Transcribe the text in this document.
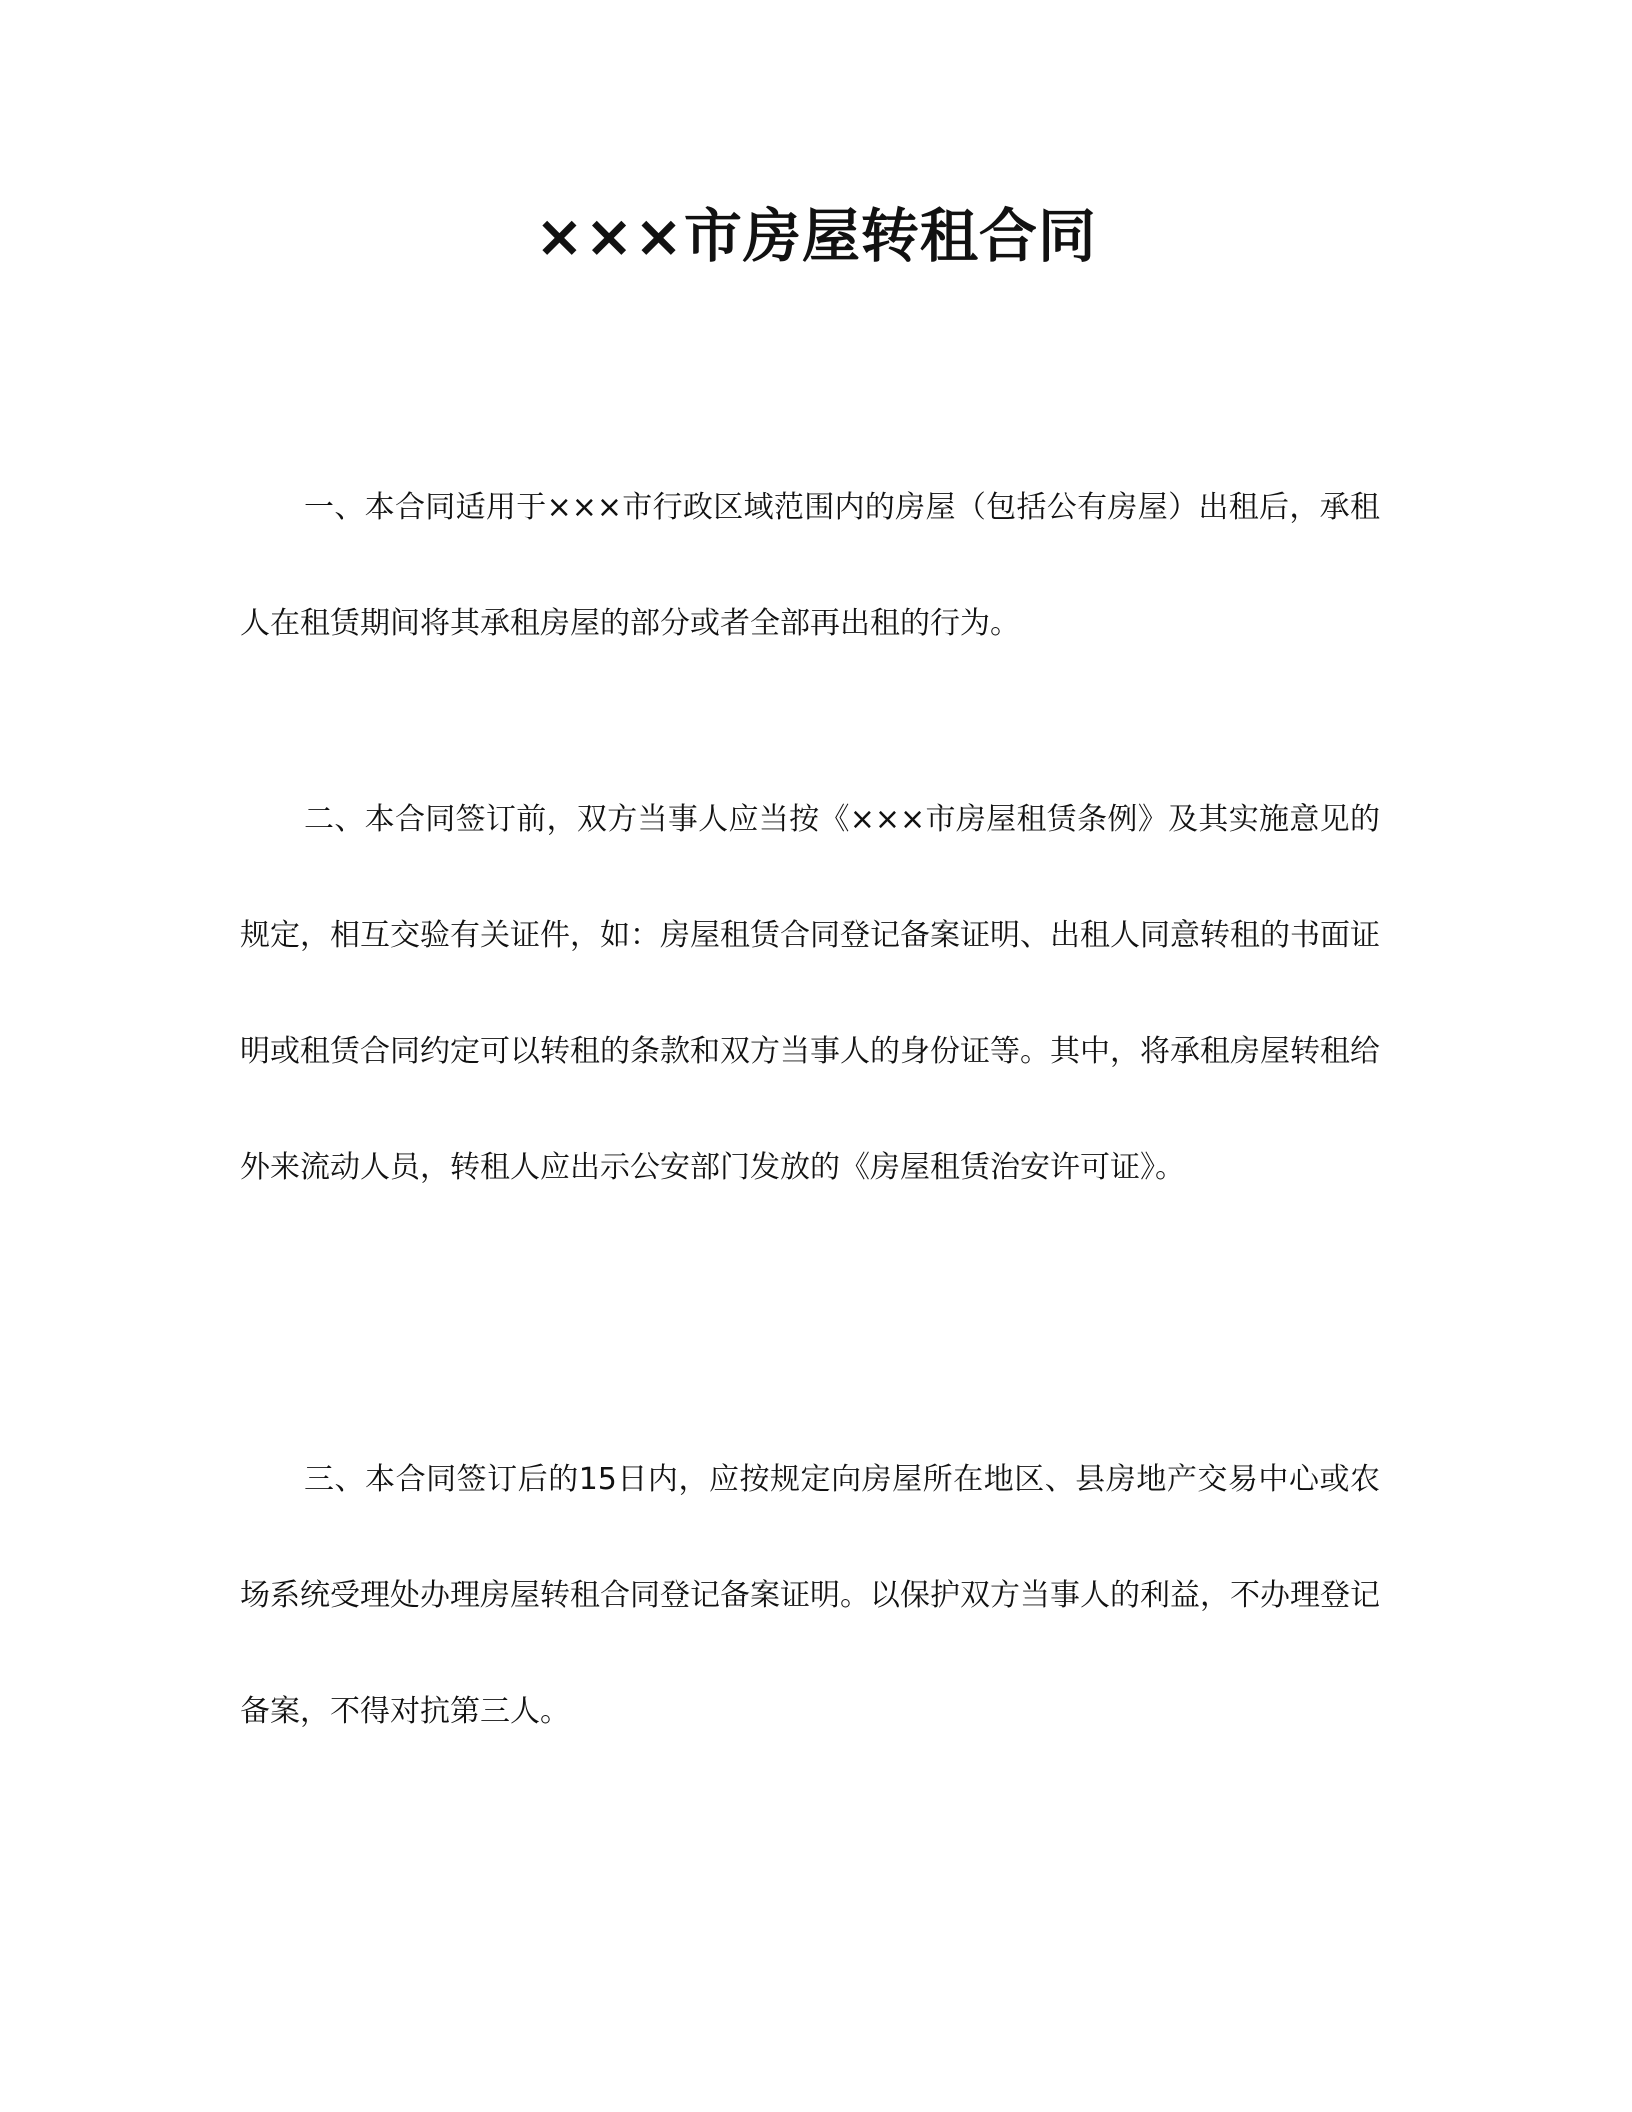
×××市房屋转租合同

一、本合同适用于×××市行政区域范围内的房屋（包括公有房屋）出租后，承租人在租赁期间将其承租房屋的部分或者全部再出租的行为。

二、本合同签订前，双方当事人应当按《×××市房屋租赁条例》及其实施意见的规定，相互交验有关证件，如：房屋租赁合同登记备案证明、出租人同意转租的书面证明或租赁合同约定可以转租的条款和双方当事人的身份证等。其中，将承租房屋转租给外来流动人员，转租人应出示公安部门发放的《房屋租赁治安许可证》。

三、本合同签订后的15日内，应按规定向房屋所在地区、县房地产交易中心或农场系统受理处办理房屋转租合同登记备案证明。以保护双方当事人的利益，不办理登记备案，不得对抗第三人。
